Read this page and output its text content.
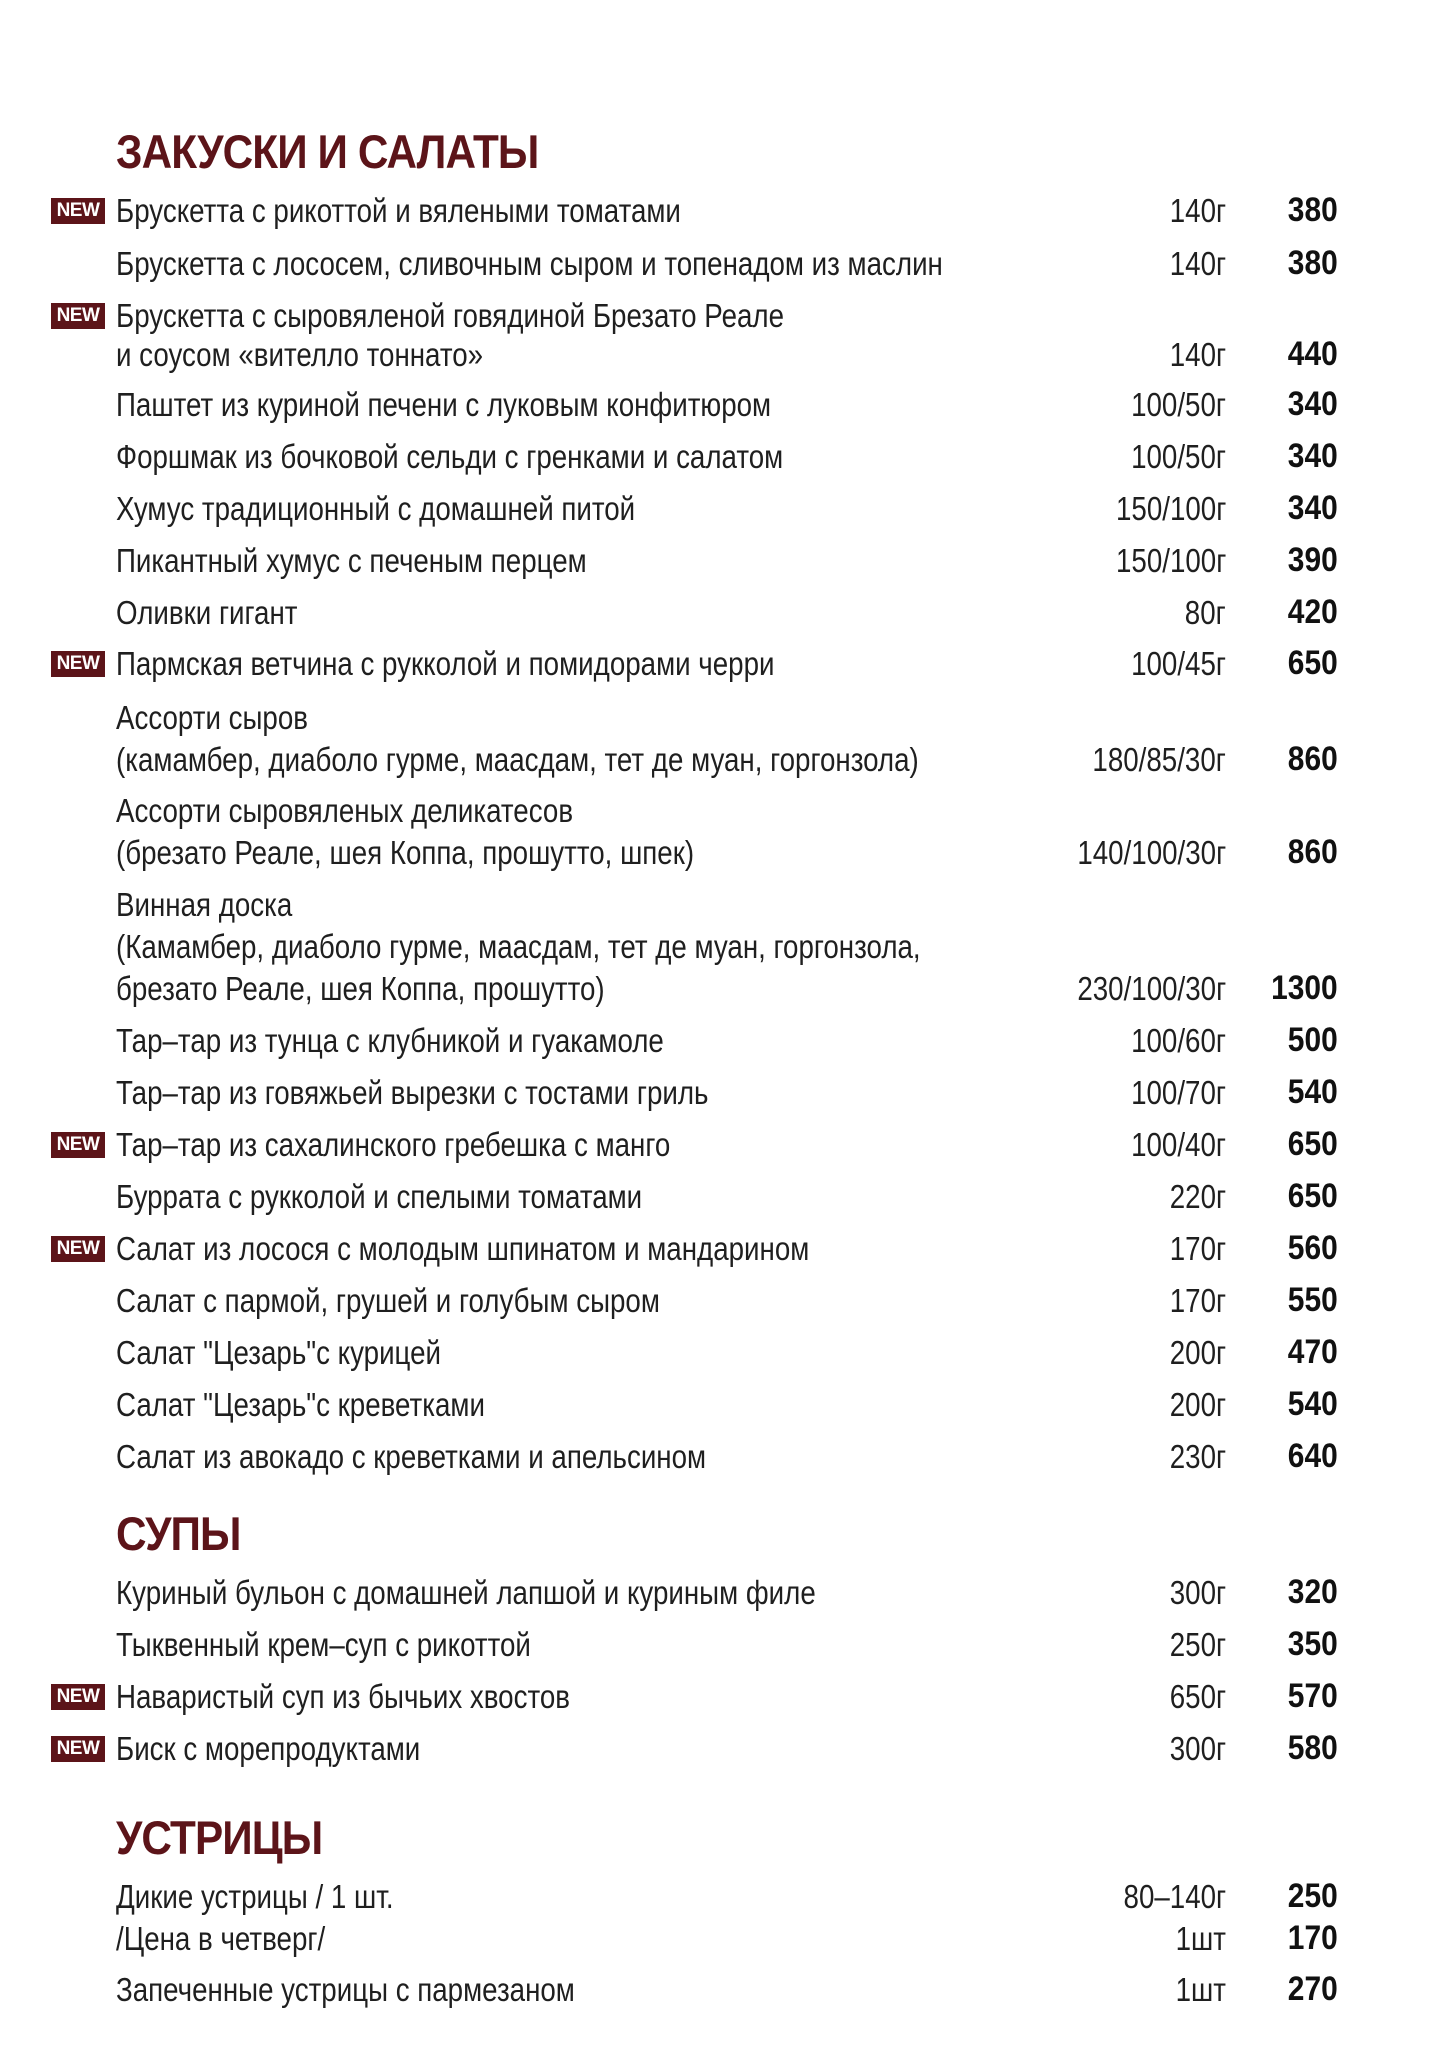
ЗАКУСКИ И САЛАТЫ
NEW Брускетта с рикоттой и вялеными томатами	140г 380
Брускетта с лососем, сливочным сыром и топенадом из маслин	140г 380
NEW Брускетта с сыровяленой говядиной Брезато Реале
и соусом «вителло тоннато»	140г 440
Паштет из куриной печени с луковым конфитюром	100/50г 340
Форшмак из бочковой сельди с гренками и салатом	100/50г 340
Хумус традиционный с домашней питой	150/100г 340
Пикантный хумус с печеным перцем	150/100г 390
Оливки гигант	80г 420
NEW Пармская ветчина с рукколой и помидорами черри	100/45г 650
Ассорти сыров
(камамбер, диаболо гурме, маасдам, тет де муан, горгонзола)	180/85/30г 860
Ассорти сыровяленых деликатесов
(брезато Реале, шея Коппа, прошутто, шпек)	140/100/30г 860
Винная доска
(Камамбер, диаболо гурме, маасдам, тет де муан, горгонзола,
брезато Реале, шея Коппа, прошутто)	230/100/30г 1300
Тар–тар из тунца с клубникой и гуакамоле	100/60г 500
Тар–тар из говяжьей вырезки с тостами гриль	100/70г 540
NEW Тар–тар из сахалинского гребешка с манго	100/40г 650
Буррата с рукколой и спелыми томатами	220г 650
NEW Салат из лосося с молодым шпинатом и мандарином	170г 560
Салат с пармой, грушей и голубым сыром	170г 550
Салат "Цезарь"с курицей	200г 470
Салат "Цезарь"с креветками	200г 540
Салат из авокадо с креветками и апельсином	230г 640
СУПЫ
Куриный бульон с домашней лапшой и куриным филе	300г 320
Тыквенный крем–суп с рикоттой	250г 350
NEW Наваристый суп из бычьих хвостов	650г 570
NEW Биск с морепродуктами	300г 580
УСТРИЦЫ
Дикие устрицы / 1 шт.	80–140г 250
/Цена в четверг/	1шт 170
Запеченные устрицы с пармезаном	1шт 270
